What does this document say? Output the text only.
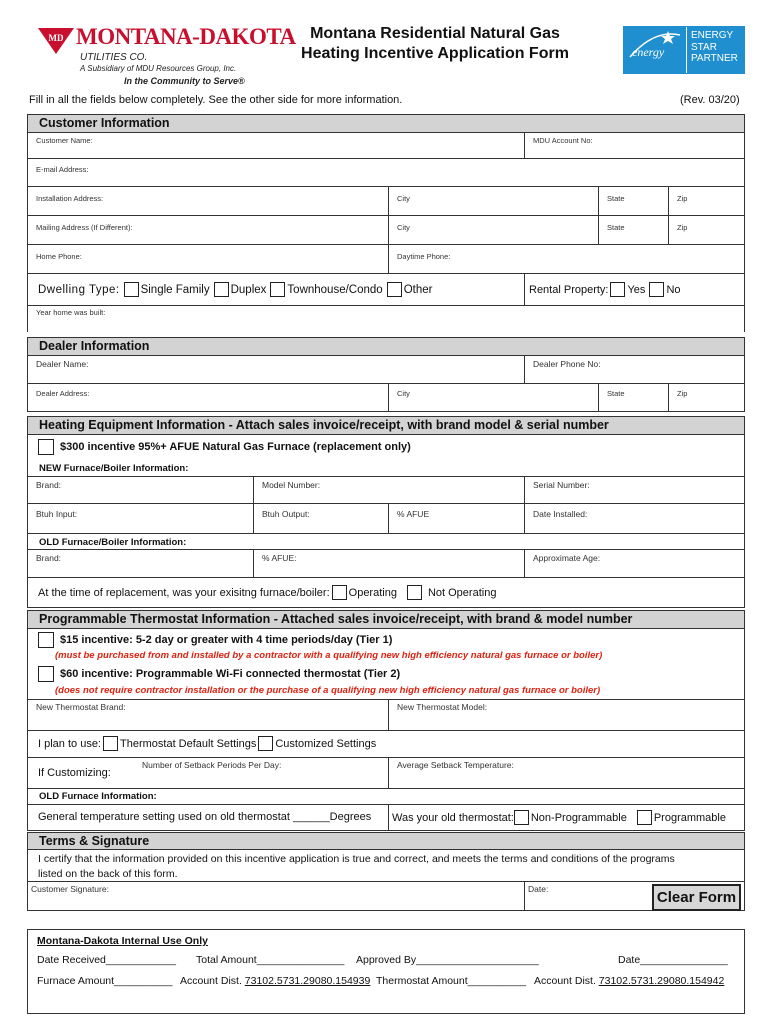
MD MONTANA-DAKOTA
UTILITIES CO.
A Subsidiary of MDU Resources Group, Inc.
In the Community to Serve®
Montana Residential Natural Gas
Heating Incentive Application Form	energy
ENERGY
STAR
PARTNER
Fill in all the fields below completely. See the other side for more information.	(Rev. 03/20)
Customer Information
Customer Name:	MDU Account No:
E-mail Address:
Installation Address:	City	State	Zip
Mailing Address (If Different):	City	State	Zip
Home Phone:	Daytime Phone:
Dwelling Type: Single Family Duplex Townhouse/Condo Other	Rental Property: Yes No
Year home was built:
Dealer Information
Dealer Name:	Dealer Phone No:
Dealer Address:	City	State	Zip
Heating Equipment Information - Attach sales invoice/receipt, with brand model & serial number
$300 incentive 95%+ AFUE Natural Gas Furnace (replacement only)
NEW Furnace/Boiler Information:
Brand:	Model Number:	Serial Number:
Btuh Input:	Btuh Output:	% AFUE	Date Installed:
OLD Furnace/Boiler Information:
Brand:	% AFUE:	Approximate Age:
At the time of replacement, was your exisitng furnace/boiler: Operating	Not Operating
Programmable Thermostat Information - Attached sales invoice/receipt, with brand & model number
$15 incentive: 5-2 day or greater with 4 time periods/day (Tier 1)
(must be purchased from and installed by a contractor with a qualifying new high efficiency natural gas furnace or boiler)
$60 incentive: Programmable Wi-Fi connected thermostat (Tier 2)
(does not require contractor installation or the purchase of a qualifying new high efficiency natural gas furnace or boiler)
New Thermostat Brand:	New Thermostat Model:
I plan to use: Thermostat Default Settings Customized Settings
If Customizing:
Number of Setback Periods Per Day:	Average Setback Temperature:
OLD Furnace Information:
General temperature setting used on old thermostat ______Degrees Was your old thermostat: Non-Programmable Programmable
Terms & Signature
I certify that the information provided on this incentive application is true and correct, and meets the terms and conditions of the programs
listed on the back of this form.
Customer Signature:	Date:	Clear Form
Montana-Dakota Internal Use Only
Date Received____________ Total Amount_______________ Approved By_____________________	Date_______________
Furnace Amount__________ Account Dist. 73102.5731.29080.154939 Thermostat Amount__________ Account Dist. 73102.5731.29080.154942
